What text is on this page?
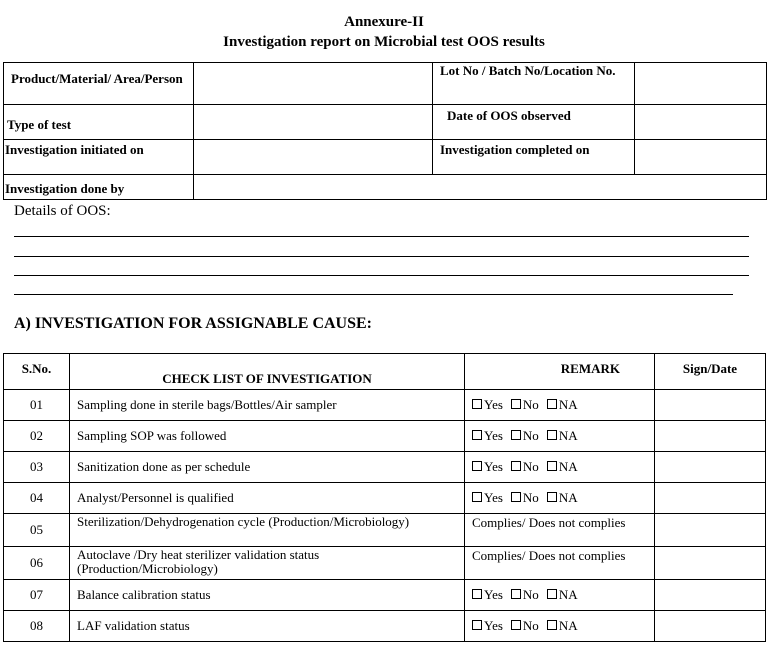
Annexure-II
Investigation report on Microbial test OOS results
Product/Material/ Area/Person		Lot No / Batch No/Location No.	
Type of test		Date of OOS observed	
Investigation initiated on		Investigation completed on	
Investigation done by			
Details of OOS:
A) INVESTIGATION FOR ASSIGNABLE CAUSE:
S.No.	CHECK LIST OF INVESTIGATION	REMARK	Sign/Date
01	Sampling done in sterile bags/Bottles/Air sampler	Yes No NA	
02	Sampling SOP was followed	Yes No NA	
03	Sanitization done as per schedule	Yes No NA	
04	Analyst/Personnel is qualified	Yes No NA	
05	Sterilization/Dehydrogenation cycle (Production/Microbiology)	Complies/ Does not complies	
06	Autoclave /Dry heat sterilizer validation status (Production/Microbiology)	Complies/ Does not complies	
07	Balance calibration status	Yes No NA	
08	LAF validation status	Yes No NA	
